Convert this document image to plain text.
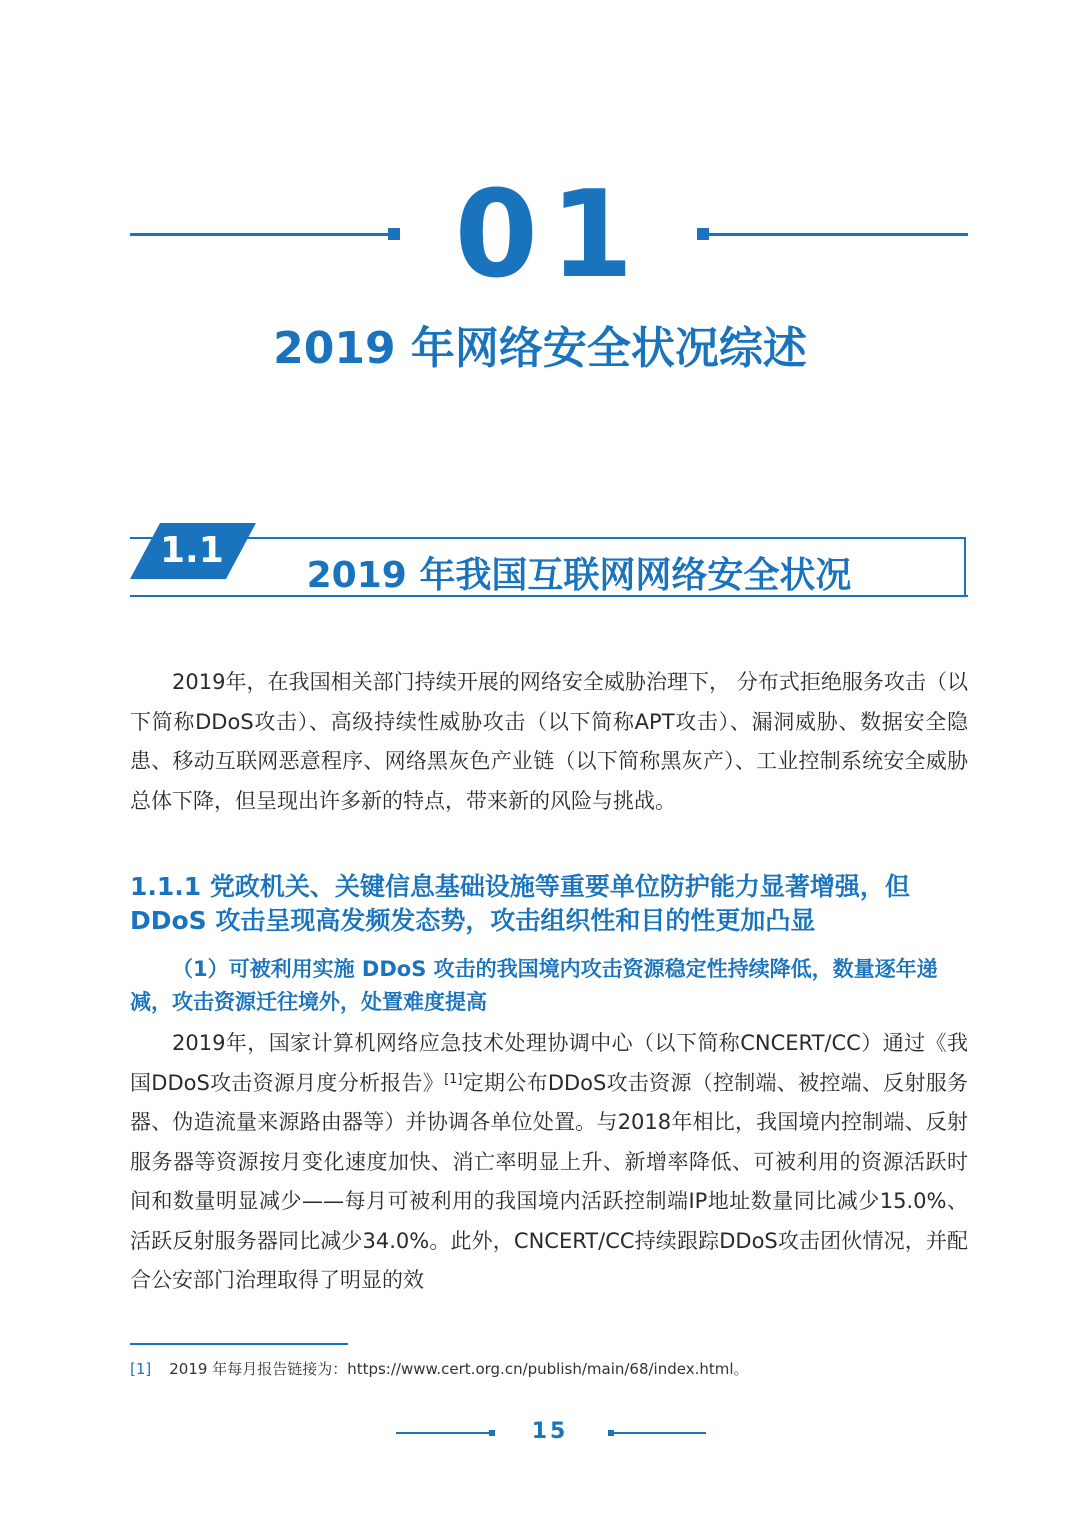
01
2019 年网络安全状况综述
1.1
2019 年我国互联网网络安全状况

2019年，在我国相关部门持续开展的网络安全威胁治理下， 分布式拒绝服务攻击（以下简称DDoS攻击）、高级持续性威胁攻击（以下简称APT攻击）、漏洞威胁、数据安全隐患、移动互联网恶意程序、网络黑灰色产业链（以下简称黑灰产）、工业控制系统安全威胁总体下降，但呈现出许多新的特点，带来新的风险与挑战。

1.1.1 党政机关、关键信息基础设施等重要单位防护能力显著增强，但DDoS 攻击呈现高发频发态势，攻击组织性和目的性更加凸显

（1）可被利用实施 DDoS 攻击的我国境内攻击资源稳定性持续降低，数量逐年递减，攻击资源迁往境外，处置难度提高

2019年，国家计算机网络应急技术处理协调中心（以下简称CNCERT/CC）通过《我国DDoS攻击资源月度分析报告》[1]定期公布DDoS攻击资源（控制端、被控端、反射服务器、伪造流量来源路由器等）并协调各单位处置。与2018年相比，我国境内控制端、反射服务器等资源按月变化速度加快、消亡率明显上升、新增率降低、可被利用的资源活跃时间和数量明显减少——每月可被利用的我国境内活跃控制端IP地址数量同比减少15.0%、活跃反射服务器同比减少34.0%。此外，CNCERT/CC持续跟踪DDoS攻击团伙情况，并配合公安部门治理取得了明显的效

[1] 2019 年每月报告链接为：https://www.cert.org.cn/publish/main/68/index.html。
15
